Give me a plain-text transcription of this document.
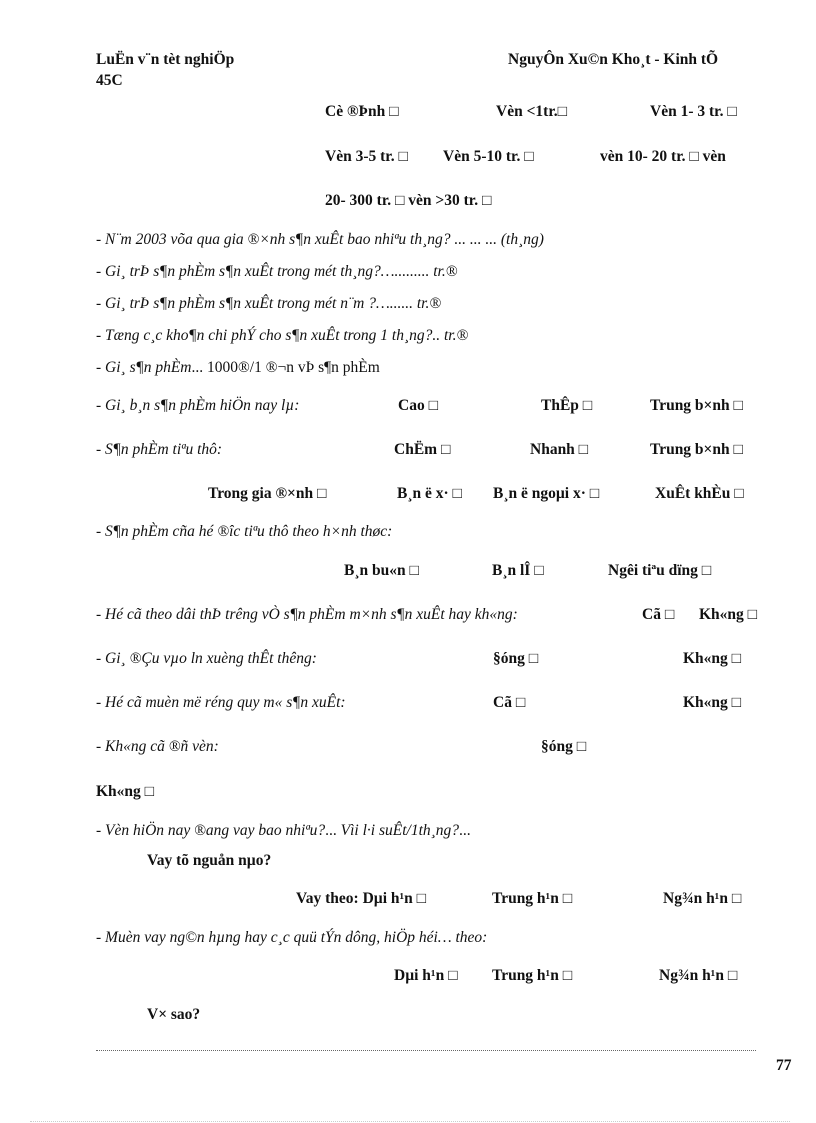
LuËn v¨n tèt nghiÖp
45C
NguyÔn Xu©n Kho¸t - Kinh tÕ
Cè ®Þnh □	Vèn <1tr.□	Vèn 1- 3 tr. □
Vèn 3-5 tr. □ Vèn 5-10 tr. □	vèn 10- 20 tr. □ vèn
20- 300 tr. □ vèn >30 tr. □
- N¨m 2003 võa qua gia ®×nh s¶n xuÊt bao nhiªu th¸ng? ... ... ... (th¸ng)
- Gi¸ trÞ s¶n phÈm s¶n xuÊt trong mét th¸ng?…......... tr.®
- Gi¸ trÞ s¶n phÈm s¶n xuÊt trong mét n¨m ?…...... tr.®
- Tæng c¸c kho¶n chi phÝ cho s¶n xuÊt trong 1 th¸ng?.. tr.®
- Gi¸ s¶n phÈm... 1000®/1 ®¬n vÞ s¶n phÈm
- Gi¸ b¸n s¶n phÈm hiÖn nay lµ:	Cao □	ThÊp □	Trung b×nh □
- S¶n phÈm tiªu thô:	ChËm □	Nhanh □	Trung b×nh □
Trong gia ®×nh □	B¸n ë x· □ B¸n ë ngoµi x· □	XuÊt khÈu □
- S¶n phÈm cña hé ®îc tiªu thô theo h×nh thøc:
B¸n bu«n □	B¸n lÎ □	Ngêi tiªu dïng □
- Hé cã theo dâi thÞ trêng vÒ s¶n phÈm m×nh s¶n xuÊt hay kh«ng:	Cã □ Kh«ng □
- Gi¸ ®Çu vµo ln xuèng thÊt thêng:	§óng □	Kh«ng □
- Hé cã muèn më réng quy m« s¶n xuÊt:	Cã □	Kh«ng □
- Kh«ng cã ®ñ vèn:	§óng □
Kh«ng □
- Vèn hiÖn nay ®ang vay bao nhiªu?... Vìi l·i suÊt/1th¸ng?...
Vay tõ nguån nµo?
Vay theo: Dµi h¹n □	Trung h¹n □	Ng¾n h¹n □
- Muèn vay ng©n hµng hay c¸c quü tÝn dông, hiÖp héi… theo:
Dµi h¹n □ Trung h¹n □	Ng¾n h¹n □
V× sao?
77
